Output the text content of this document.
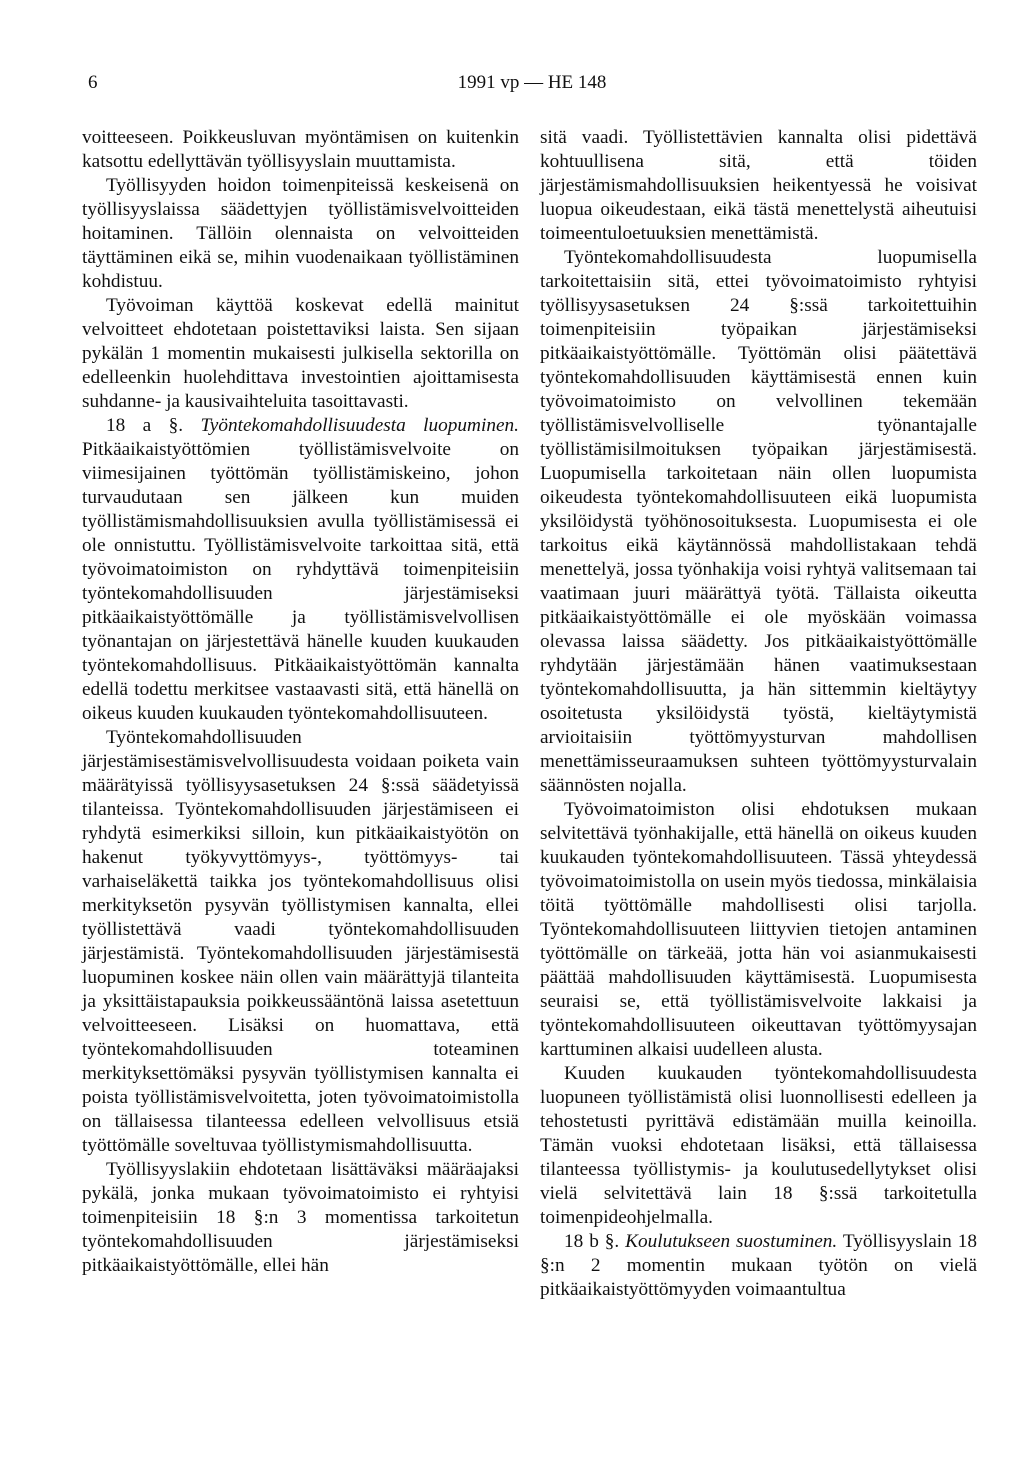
6	1991 vp — HE 148

voitteeseen. Poikkeusluvan myöntämisen on kuitenkin katsottu edellyttävän työllisyyslain muuttamista.

Työllisyyden hoidon toimenpiteissä keskeisenä on työllisyyslaissa säädettyjen työllistämisvelvoitteiden hoitaminen. Tällöin olennaista on velvoitteiden täyttäminen eikä se, mihin vuodenaikaan työllistäminen kohdistuu.

Työvoiman käyttöä koskevat edellä mainitut velvoitteet ehdotetaan poistettaviksi laista. Sen sijaan pykälän 1 momentin mukaisesti julkisella sektorilla on edelleenkin huolehdittava investointien ajoittamisesta suhdanne- ja kausivaihteluita tasoittavasti.

18 a §. Työntekomahdollisuudesta luopuminen. Pitkäaikaistyöttömien työllistämisvelvoite on viimesijainen työttömän työllistämiskeino, johon turvaudutaan sen jälkeen kun muiden työllistämismahdollisuuksien avulla työllistämisessä ei ole onnistuttu. Työllistämisvelvoite tarkoittaa sitä, että työvoimatoimiston on ryhdyttävä toimenpiteisiin työntekomahdollisuuden järjestämiseksi pitkäaikaistyöttömälle ja työllistämisvelvollisen työnantajan on järjestettävä hänelle kuuden kuukauden työntekomahdollisuus. Pitkäaikaistyöttömän kannalta edellä todettu merkitsee vastaavasti sitä, että hänellä on oikeus kuuden kuukauden työntekomahdollisuuteen.

Työntekomahdollisuuden järjestämisestämisvelvollisuudesta voidaan poiketa vain määrätyissä työllisyysasetuksen 24 §:ssä säädetyissä tilanteissa. Työntekomahdollisuuden järjestämiseen ei ryhdytä esimerkiksi silloin, kun pitkäaikaistyötön on hakenut työkyvyttömyys-, työttömyys- tai varhaiseläkettä taikka jos työntekomahdollisuus olisi merkityksetön pysyvän työllistymisen kannalta, ellei työllistettävä vaadi työntekomahdollisuuden järjestämistä. Työntekomahdollisuuden järjestämisestä luopuminen koskee näin ollen vain määrättyjä tilanteita ja yksittäistapauksia poikkeussääntönä laissa asetettuun velvoitteeseen. Lisäksi on huomattava, että työntekomahdollisuuden toteaminen merkityksettömäksi pysyvän työllistymisen kannalta ei poista työllistämisvelvoitetta, joten työvoimatoimistolla on tällaisessa tilanteessa edelleen velvollisuus etsiä työttömälle soveltuvaa työllistymismahdollisuutta.

Työllisyyslakiin ehdotetaan lisättäväksi määräajaksi pykälä, jonka mukaan työvoimatoimisto ei ryhtyisi toimenpiteisiin 18 §:n 3 momentissa tarkoitetun työntekomahdollisuuden järjestämiseksi pitkäaikaistyöttömälle, ellei hän

sitä vaadi. Työllistettävien kannalta olisi pidettävä kohtuullisena sitä, että töiden järjestämismahdollisuuksien heikentyessä he voisivat luopua oikeudestaan, eikä tästä menettelystä aiheutuisi toimeentuloetuuksien menettämistä.

Työntekomahdollisuudesta luopumisella tarkoitettaisiin sitä, ettei työvoimatoimisto ryhtyisi työllisyysasetuksen 24 §:ssä tarkoitettuihin toimenpiteisiin työpaikan järjestämiseksi pitkäaikaistyöttömälle. Työttömän olisi päätettävä työntekomahdollisuuden käyttämisestä ennen kuin työvoimatoimisto on velvollinen tekemään työllistämisvelvolliselle työnantajalle työllistämisilmoituksen työpaikan järjestämisestä. Luopumisella tarkoitetaan näin ollen luopumista oikeudesta työntekomahdollisuuteen eikä luopumista yksilöidystä työhönosoituksesta. Luopumisesta ei ole tarkoitus eikä käytännössä mahdollistakaan tehdä menettelyä, jossa työnhakija voisi ryhtyä valitsemaan tai vaatimaan juuri määrättyä työtä. Tällaista oikeutta pitkäaikaistyöttömälle ei ole myöskään voimassa olevassa laissa säädetty. Jos pitkäaikaistyöttömälle ryhdytään järjestämään hänen vaatimuksestaan työntekomahdollisuutta, ja hän sittemmin kieltäytyy osoitetusta yksilöidystä työstä, kieltäytymistä arvioitaisiin työttömyysturvan mahdollisen menettämisseuraamuksen suhteen työttömyysturvalain säännösten nojalla.

Työvoimatoimiston olisi ehdotuksen mukaan selvitettävä työnhakijalle, että hänellä on oikeus kuuden kuukauden työntekomahdollisuuteen. Tässä yhteydessä työvoimatoimistolla on usein myös tiedossa, minkälaisia töitä työttömälle mahdollisesti olisi tarjolla. Työntekomahdollisuuteen liittyvien tietojen antaminen työttömälle on tärkeää, jotta hän voi asianmukaisesti päättää mahdollisuuden käyttämisestä. Luopumisesta seuraisi se, että työllistämisvelvoite lakkaisi ja työntekomahdollisuuteen oikeuttavan työttömyysajan karttuminen alkaisi uudelleen alusta.

Kuuden kuukauden työntekomahdollisuudesta luopuneen työllistämistä olisi luonnollisesti edelleen ja tehostetusti pyrittävä edistämään muilla keinoilla. Tämän vuoksi ehdotetaan lisäksi, että tällaisessa tilanteessa työllistymis- ja koulutusedellytykset olisi vielä selvitettävä lain 18 §:ssä tarkoitetulla toimenpideohjelmalla.

18 b §. Koulutukseen suostuminen. Työllisyyslain 18 §:n 2 momentin mukaan työtön on vielä pitkäaikaistyöttömyyden voimaantultua
